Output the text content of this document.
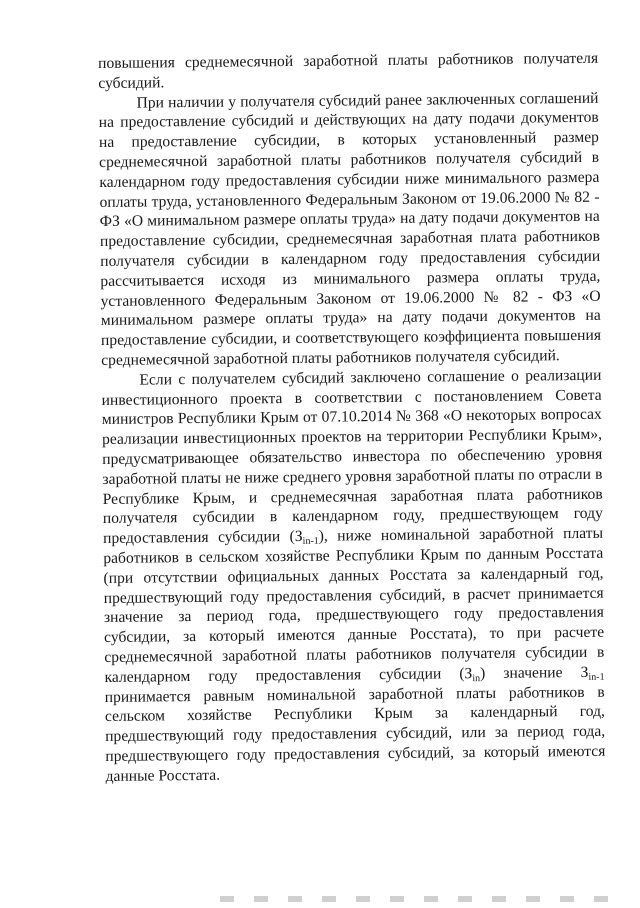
повышения среднемесячной заработной платы работников получателя субсидий.

При наличии у получателя субсидий ранее заключенных соглашений на предоставление субсидий и действующих на дату подачи документов на предоставление субсидии, в которых установленный размер среднемесячной заработной платы работников получателя субсидий в календарном году предоставления субсидии ниже минимального размера оплаты труда, установленного Федеральным Законом от 19.06.2000 № 82 - ФЗ «О минимальном размере оплаты труда» на дату подачи документов на предоставление субсидии, среднемесячная заработная плата работников получателя субсидии в календарном году предоставления субсидии рассчитывается исходя из минимального размера оплаты труда, установленного Федеральным Законом от 19.06.2000 № 82 - ФЗ «О минимальном размере оплаты труда» на дату подачи документов на предоставление субсидии, и соответствующего коэффициента повышения среднемесячной заработной платы работников получателя субсидий.

Если с получателем субсидий заключено соглашение о реализации инвестиционного проекта в соответствии с постановлением Совета министров Республики Крым от 07.10.2014 № 368 «О некоторых вопросах реализации инвестиционных проектов на территории Республики Крым», предусматривающее обязательство инвестора по обеспечению уровня заработной платы не ниже среднего уровня заработной платы по отрасли в Республике Крым, и среднемесячная заработная плата работников получателя субсидии в календарном году, предшествующем году предоставления субсидии $(З_{in-1})$, ниже номинальной заработной платы работников в сельском хозяйстве Республики Крым по данным Росстата (при отсутствии официальных данных Росстата за календарный год, предшествующий году предоставления субсидий, в расчет принимается значение за период года, предшествующего году предоставления субсидии, за который имеются данные Росстата), то при расчете среднемесячной заработной платы работников получателя субсидии в календарном году предоставления субсидии $(З_{in})$ значение $З_{in-1}$ принимается равным номинальной заработной платы работников в сельском хозяйстве Республики Крым за календарный год, предшествующий году предоставления субсидий, или за период года, предшествующего году предоставления субсидий, за который имеются данные Росстата.
